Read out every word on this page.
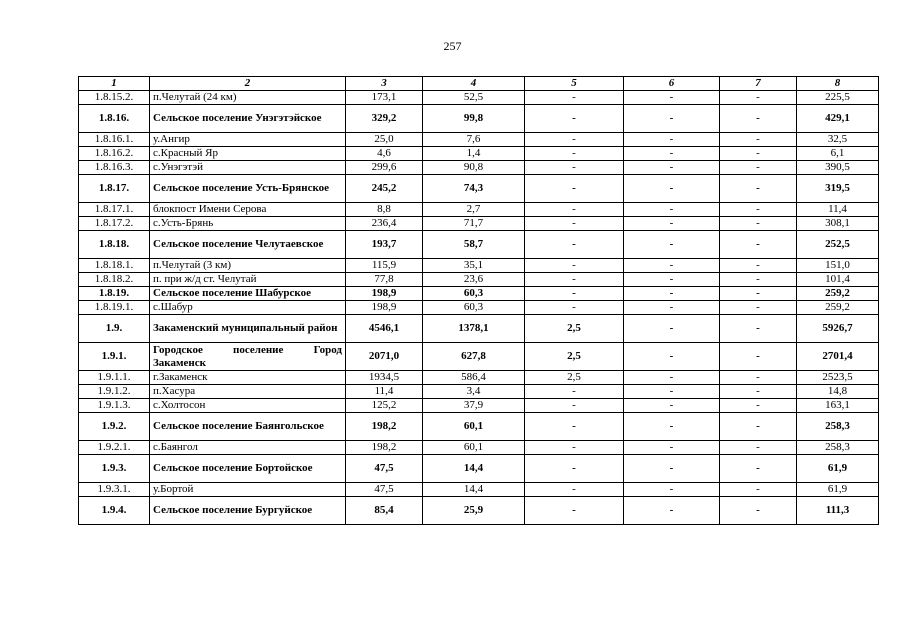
257
1	2	3	4	5	6	7	8
1.8.15.2.	п.Челутай (24 км)	173,1	52,5	-	-	-	225,5
1.8.16.	Сельское поселение Унэгэтэйское	329,2	99,8	-	-	-	429,1
1.8.16.1.	у.Ангир	25,0	7,6	-	-	-	32,5
1.8.16.2.	с.Красный Яр	4,6	1,4	-	-	-	6,1
1.8.16.3.	с.Унэгэтэй	299,6	90,8	-	-	-	390,5
1.8.17.	Сельское поселение Усть-Брянское	245,2	74,3	-	-	-	319,5
1.8.17.1.	блокпост Имени Серова	8,8	2,7	-	-	-	11,4
1.8.17.2.	с.Усть-Брянь	236,4	71,7	-	-	-	308,1
1.8.18.	Сельское поселение Челутаевское	193,7	58,7	-	-	-	252,5
1.8.18.1.	п.Челутай (3 км)	115,9	35,1	-	-	-	151,0
1.8.18.2.	п. при ж/д ст. Челутай	77,8	23,6	-	-	-	101,4
1.8.19.	Сельское поселение Шабурское	198,9	60,3	-	-	-	259,2
1.8.19.1.	с.Шабур	198,9	60,3	-	-	-	259,2
1.9.	Закаменский муниципальный район	4546,1	1378,1	2,5	-	-	5926,7
1.9.1.	Городское поселение Город Закаменск	2071,0	627,8	2,5	-	-	2701,4
1.9.1.1.	г.Закаменск	1934,5	586,4	2,5	-	-	2523,5
1.9.1.2.	п.Хасура	11,4	3,4	-	-	-	14,8
1.9.1.3.	с.Холтосон	125,2	37,9	-	-	-	163,1
1.9.2.	Сельское поселение Баянгольское	198,2	60,1	-	-	-	258,3
1.9.2.1.	с.Баянгол	198,2	60,1	-	-	-	258,3
1.9.3.	Сельское поселение Бортойское	47,5	14,4	-	-	-	61,9
1.9.3.1.	у.Бортой	47,5	14,4	-	-	-	61,9
1.9.4.	Сельское поселение Бургуйское	85,4	25,9	-	-	-	111,3
